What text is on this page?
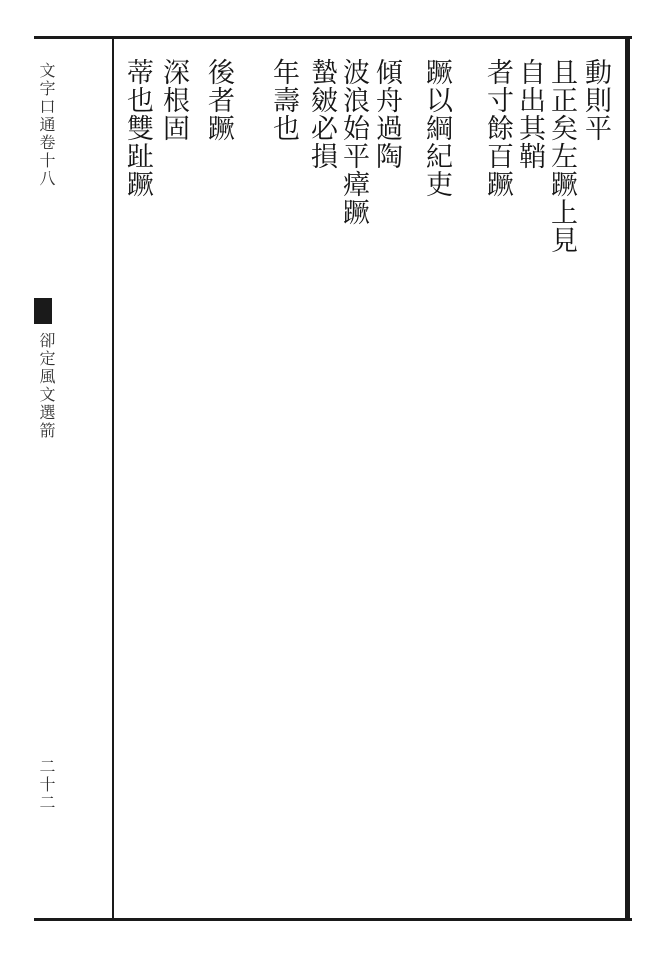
文字口通卷十八
卻定風文選箭
二十二
動則平
且正矣左蹶上見
自出其鞘
者寸餘百蹶
蹶以綱紀吏
傾舟過陶
波浪始平瘴蹶
蟄皴必損
年壽也
後者蹶
深根固
蒂也雙趾蹶
